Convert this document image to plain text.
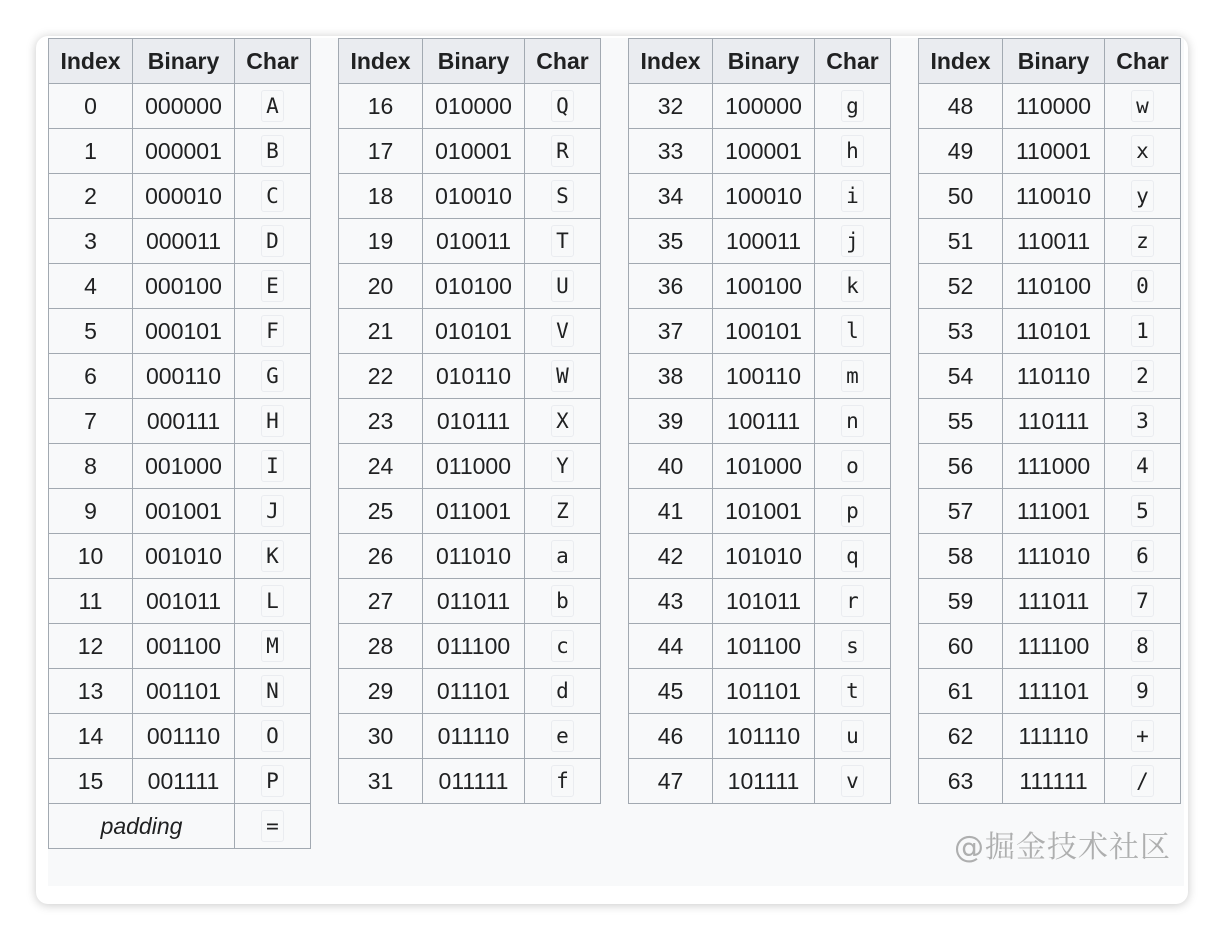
Index	Binary	Char
0	000000	A
1	000001	B
2	000010	C
3	000011	D
4	000100	E
5	000101	F
6	000110	G
7	000111	H
8	001000	I
9	001001	J
10	001010	K
11	001011	L
12	001100	M
13	001101	N
14	001110	O
15	001111	P
padding		=
Index	Binary	Char
16	010000	Q
17	010001	R
18	010010	S
19	010011	T
20	010100	U
21	010101	V
22	010110	W
23	010111	X
24	011000	Y
25	011001	Z
26	011010	a
27	011011	b
28	011100	c
29	011101	d
30	011110	e
31	011111	f
Index	Binary	Char
32	100000	g
33	100001	h
34	100010	i
35	100011	j
36	100100	k
37	100101	l
38	100110	m
39	100111	n
40	101000	o
41	101001	p
42	101010	q
43	101011	r
44	101100	s
45	101101	t
46	101110	u
47	101111	v
Index	Binary	Char
48	110000	w
49	110001	x
50	110010	y
51	110011	z
52	110100	0
53	110101	1
54	110110	2
55	110111	3
56	111000	4
57	111001	5
58	111010	6
59	111011	7
60	111100	8
61	111101	9
62	111110	+
63	111111	/
@掘金技术社区
